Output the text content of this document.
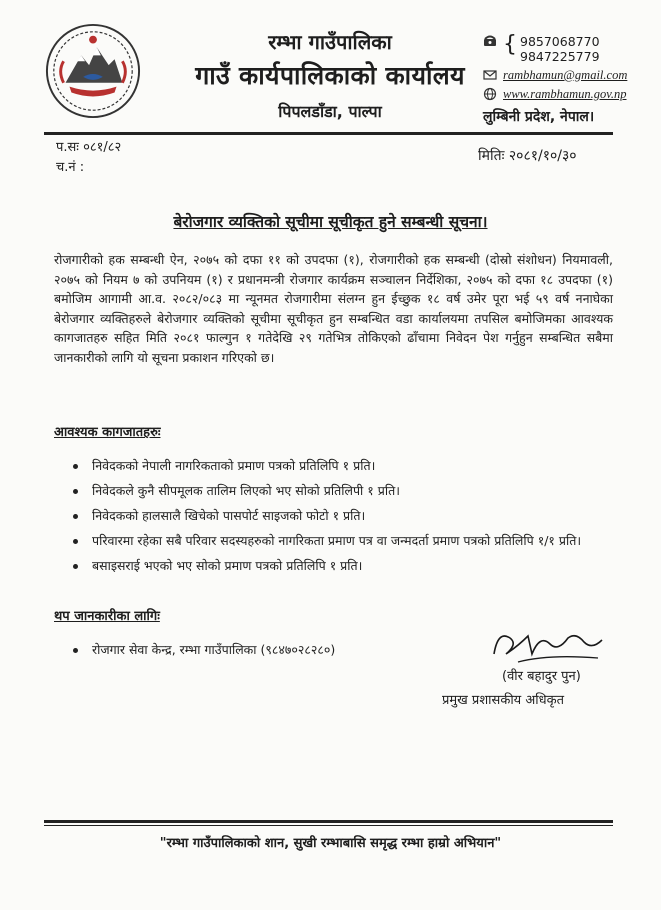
रम्भा गाउँपालिका
गाउँ कार्यपालिकाको कार्यालय
पिपलडाँडा, पाल्पा
{ 9857068770
9847225779
rambhamun@gmail.com
www.rambhamun.gov.np
लुम्बिनी प्रदेश, नेपाल।
प.सः ०८१/८२
च.नं :
मितिः २०८१/१०/३०
बेरोजगार व्यक्तिको सूचीमा सूचीकृत हुने सम्बन्धी सूचना।
रोजगारीको हक सम्बन्धी ऐन, २०७५ को दफा ११ को उपदफा (१), रोजगारीको हक सम्बन्धी (दोस्रो संशोधन) नियमावली, २०७५ को नियम ७ को उपनियम (१) र प्रधानमन्त्री रोजगार कार्यक्रम सञ्चालन निर्देशिका, २०७५ को दफा १८ उपदफा (१) बमोजिम आगामी आ.व. २०८२/०८३ मा न्यूनमत रोजगारीमा संलग्न हुन ईच्छुक १८ वर्ष उमेर पूरा भई ५९ वर्ष ननाघेका बेरोजगार व्यक्तिहरुले बेरोजगार व्यक्तिको सूचीमा सूचीकृत हुन सम्बन्धित वडा कार्यालयमा तपसिल बमोजिमका आवश्यक कागजातहरु सहित मिति २०८१ फाल्गुन १ गतेदेखि २९ गतेभित्र तोकिएको ढाँचामा निवेदन पेश गर्नुहुन सम्बन्धित सबैमा जानकारीको लागि यो सूचना प्रकाशन गरिएको छ।
आवश्यक कागजातहरुः
निवेदकको नेपाली नागरिकताको प्रमाण पत्रको प्रतिलिपि १ प्रति।
निवेदकले कुनै सीपमूलक तालिम लिएको भए सोको प्रतिलिपी १ प्रति।
निवेदकको हालसालै खिचेको पासपोर्ट साइजको फोटो १ प्रति।
परिवारमा रहेका सबै परिवार सदस्यहरुको नागरिकता प्रमाण पत्र वा जन्मदर्ता प्रमाण पत्रको प्रतिलिपि १/१ प्रति।
बसाइसराई भएको भए सोको प्रमाण पत्रको प्रतिलिपि १ प्रति।
थप जानकारीका लागिः
रोजगार सेवा केन्द्र, रम्भा गाउँपालिका (९८४७०२८२८०)
(वीर बहादुर पुन)
प्रमुख प्रशासकीय अधिकृत
"रम्भा गाउँपालिकाको शान, सुखी रम्भाबासि समृद्ध रम्भा हाम्रो अभियान"
